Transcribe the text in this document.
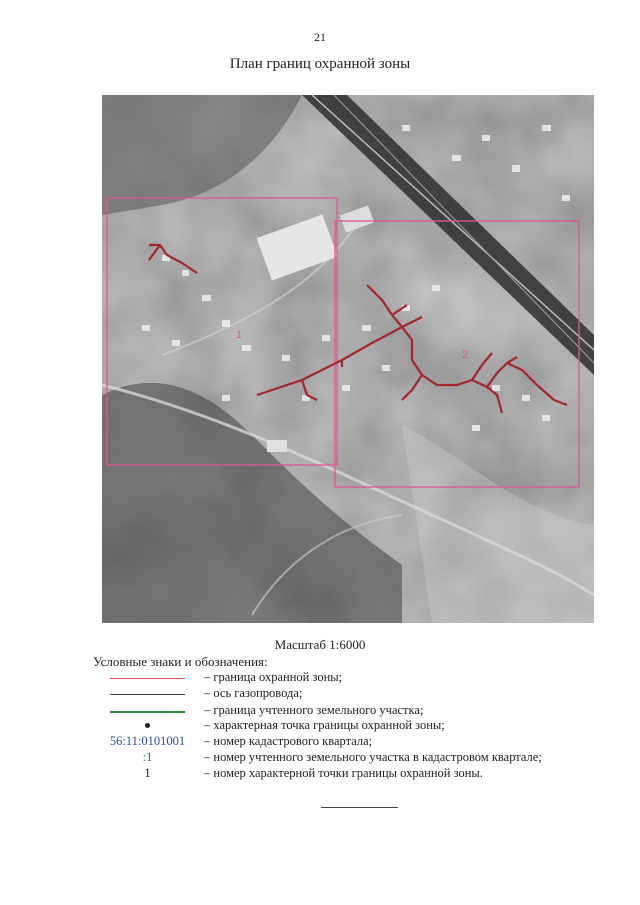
21
План границ охранной зоны
1
2
Масштаб 1:6000
Условные знаки и обозначения:
– граница охранной зоны;
– ось газопровода;
– граница учтенного земельного участка;
– характерная точка границы охранной зоны;
56:11:0101001	– номер кадастрового квартала;
:1	– номер учтенного земельного участка в кадастровом квартале;
1	– номер характерной точки границы охранной зоны.
